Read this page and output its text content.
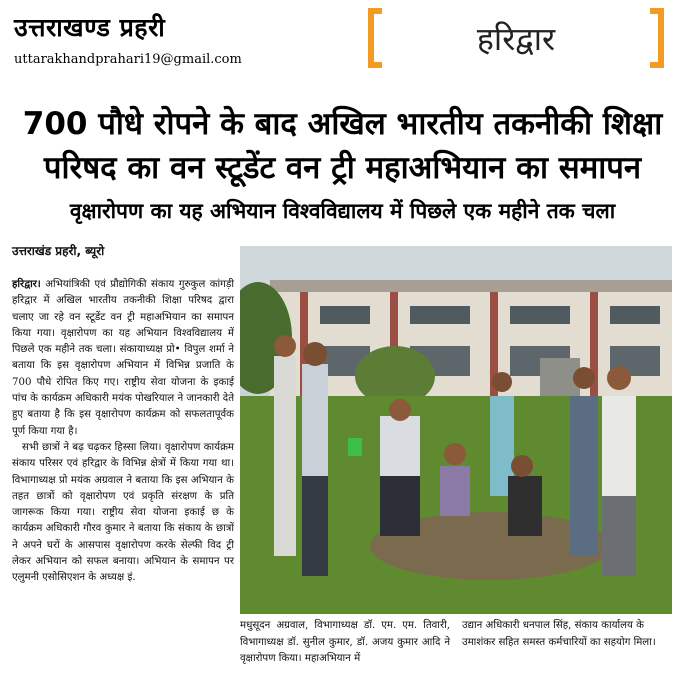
उत्तराखण्ड प्रहरी
uttarakhandprahari19@gmail.com
हरिद्वार
700 पौधे रोपने के बाद अखिल भारतीय तकनीकी शिक्षा
परिषद का वन स्टूडेंट वन ट्री महाअभियान का समापन
वृक्षारोपण का यह अभियान विश्वविद्यालय में पिछले एक महीने तक चला
उत्तराखंड प्रहरी, ब्यूरो

हरिद्वार। अभियांत्रिकी एवं प्रौद्योगिकी संकाय गुरुकुल कांगड़ी हरिद्वार में अखिल भारतीय तकनीकी शिक्षा परिषद द्वारा चलाए जा रहे वन स्टूडेंट वन ट्री महाअभियान का समापन किया गया। वृक्षारोपण का यह अभियान विश्वविद्यालय में पिछले एक महीने तक चला। संकायाध्यक्ष प्रो• विपुल शर्मा ने बताया कि इस वृक्षारोपण अभियान में विभिन्न प्रजाति के 700 पौधे रोपित किए गए। राष्ट्रीय सेवा योजना के इकाई पांच के कार्यक्रम अधिकारी मयंक पोखरियाल ने जानकारी देते हुए बताया है कि इस वृक्षारोपण कार्यक्रम को सफलतापूर्वक पूर्ण किया गया है।

सभी छात्रों ने बढ़ चढ़कर हिस्सा लिया। वृक्षारोपण कार्यक्रम संकाय परिसर एवं हरिद्वार के विभिन्न क्षेत्रों में किया गया था। विभागाध्यक्ष प्रो मयंक अग्रवाल ने बताया कि इस अभियान के तहत छात्रों को वृक्षारोपण एवं प्रकृति संरक्षण के प्रति जागरूक किया गया। राष्ट्रीय सेवा योजना इकाई छ के कार्यक्रम अधिकारी गौरव कुमार ने बताया कि संकाय के छात्रों ने अपने घरों के आसपास वृक्षारोपण करके सेल्फी विद ट्री लेकर अभियान को सफल बनाया। अभियान के समापन पर एलुमनी एसोसिएशन के अध्यक्ष इं.

मधुसूदन अग्रवाल, विभागाध्यक्ष डॉ. एम. एम. तिवारी, विभागाध्यक्ष डॉ. सुनील कुमार, डॉ. अजय कुमार आदि ने वृक्षारोपण किया। महाअभियान में
उद्यान अधिकारी धनपाल सिंह, संकाय कार्यालय के उमाशंकर सहित समस्त कर्मचारियों का सहयोग मिला।
